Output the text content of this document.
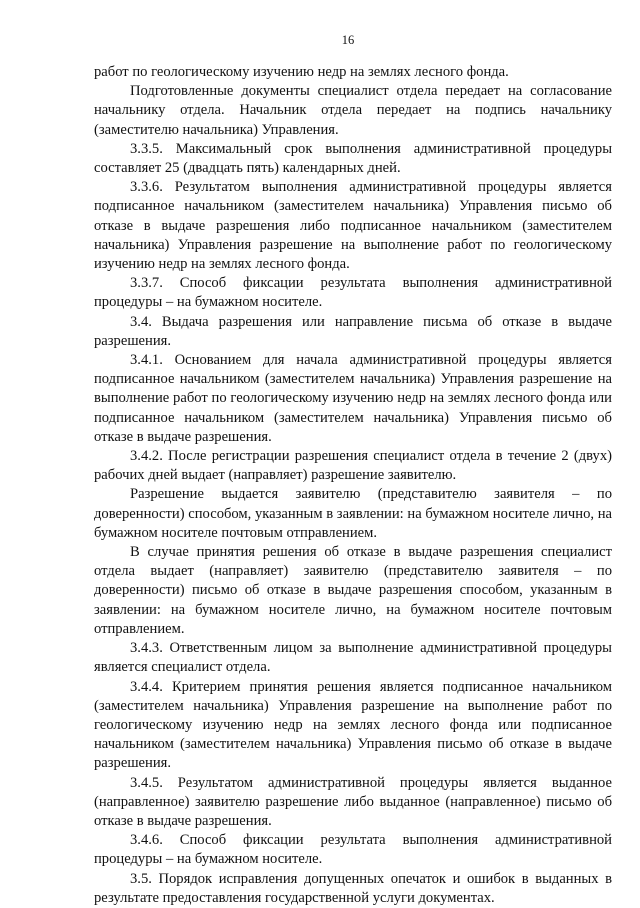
16

работ по геологическому изучению недр на землях лесного фонда.

Подготовленные документы специалист отдела передает на согласование начальнику отдела. Начальник отдела передает на подпись начальнику (заместителю начальника) Управления.

3.3.5. Максимальный срок выполнения административной процедуры составляет 25 (двадцать пять) календарных дней.

3.3.6. Результатом выполнения административной процедуры является подписанное начальником (заместителем начальника) Управления письмо об отказе в выдаче разрешения либо подписанное начальником (заместителем начальника) Управления разрешение на выполнение работ по геологическому изучению недр на землях лесного фонда.

3.3.7. Способ фиксации результата выполнения административной процедуры – на бумажном носителе.

3.4. Выдача разрешения или направление письма об отказе в выдаче разрешения.

3.4.1. Основанием для начала административной процедуры является подписанное начальником (заместителем начальника) Управления разрешение на выполнение работ по геологическому изучению недр на землях лесного фонда или подписанное начальником (заместителем начальника) Управления письмо об отказе в выдаче разрешения.

3.4.2. После регистрации разрешения специалист отдела в течение 2 (двух) рабочих дней выдает (направляет) разрешение заявителю.

Разрешение выдается заявителю (представителю заявителя – по доверенности) способом, указанным в заявлении: на бумажном носителе лично, на бумажном носителе почтовым отправлением.

В случае принятия решения об отказе в выдаче разрешения специалист отдела выдает (направляет) заявителю (представителю заявителя – по доверенности) письмо об отказе в выдаче разрешения способом, указанным в заявлении: на бумажном носителе лично, на бумажном носителе почтовым отправлением.

3.4.3. Ответственным лицом за выполнение административной процедуры является специалист отдела.

3.4.4. Критерием принятия решения является подписанное начальником (заместителем начальника) Управления разрешение на выполнение работ по геологическому изучению недр на землях лесного фонда или подписанное начальником (заместителем начальника) Управления письмо об отказе в выдаче разрешения.

3.4.5. Результатом административной процедуры является выданное (направленное) заявителю разрешение либо выданное (направленное) письмо об отказе в выдаче разрешения.

3.4.6. Способ фиксации результата выполнения административной процедуры – на бумажном носителе.

3.5. Порядок исправления допущенных опечаток и ошибок в выданных в результате предоставления государственной услуги документах.
